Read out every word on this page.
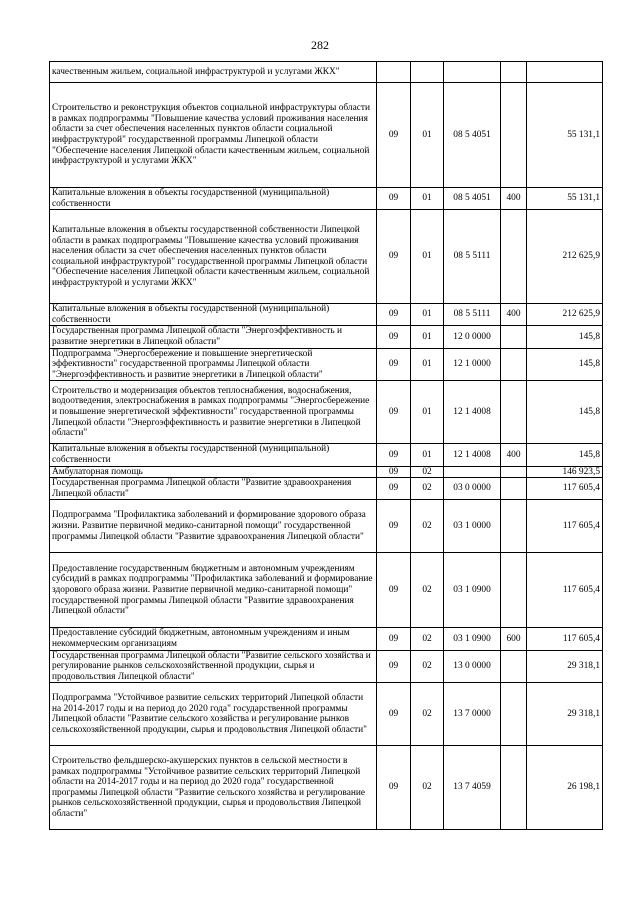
282
качественным жильем, социальной инфраструктурой и услугами ЖКХ"					
Строительство и реконструкция объектов социальной инфраструктуры области в рамках подпрограммы "Повышение качества условий проживания населения области за счет обеспечения населенных пунктов области социальной инфраструктурой" государственной программы Липецкой области "Обеспечение населения Липецкой области качественным жильем, социальной инфраструктурой и услугами ЖКХ"	09	01	08 5 4051		55 131,1
Капитальные вложения в объекты государственной (муниципальной) собственности	09	01	08 5 4051	400	55 131,1
Капитальные вложения в объекты государственной собственности Липецкой области в рамках подпрограммы "Повышение качества условий проживания населения области за счет обеспечения населенных пунктов области социальной инфраструктурой" государственной программы Липецкой области "Обеспечение населения Липецкой области качественным жильем, социальной инфраструктурой и услугами ЖКХ"	09	01	08 5 5111		212 625,9
Капитальные вложения в объекты государственной (муниципальной) собственности	09	01	08 5 5111	400	212 625,9
Государственная программа Липецкой области "Энергоэффективность и развитие энергетики в Липецкой области"	09	01	12 0 0000		145,8
Подпрограмма "Энергосбережение и повышение энергетической эффективности" государственной программы Липецкой области "Энергоэффективность и развитие энергетики в Липецкой области"	09	01	12 1 0000		145,8
Строительство и модернизация объектов теплоснабжения, водоснабжения, водоотведения, электроснабжения в рамках подпрограммы "Энергосбережение и повышение энергетической эффективности" государственной программы Липецкой области "Энергоэффективность и развитие энергетики в Липецкой области"	09	01	12 1 4008		145,8
Капитальные вложения в объекты государственной (муниципальной) собственности	09	01	12 1 4008	400	145,8
Амбулаторная помощь	09	02			146 923,5
Государственная программа Липецкой области "Развитие здравоохранения Липецкой области"	09	02	03 0 0000		117 605,4
Подпрограмма "Профилактика заболеваний и формирование здорового образа жизни. Развитие первичной медико-санитарной помощи" государственной программы Липецкой области "Развитие здравоохранения Липецкой области"	09	02	03 1 0000		117 605,4
Предоставление государственным бюджетным и автономным учреждениям субсидий в рамках подпрограммы "Профилактика заболеваний и формирование здорового образа жизни. Развитие первичной медико-санитарной помощи" государственной программы Липецкой области "Развитие здравоохранения Липецкой области"	09	02	03 1 0900		117 605,4
Предоставление субсидий бюджетным, автономным учреждениям и иным некоммерческим организациям	09	02	03 1 0900	600	117 605,4
Государственная программа Липецкой области "Развитие сельского хозяйства и регулирование рынков сельскохозяйственной продукции, сырья и продовольствия Липецкой области"	09	02	13 0 0000		29 318,1
Подпрограмма "Устойчивое развитие сельских территорий Липецкой области на 2014-2017 годы и на период до 2020 года" государственной программы Липецкой области "Развитие сельского хозяйства и регулирование рынков сельскохозяйственной продукции, сырья и продовольствия Липецкой области"	09	02	13 7 0000		29 318,1
Строительство фельдшерско-акушерских пунктов в сельской местности в рамках подпрограммы "Устойчивое развитие сельских территорий Липецкой области на 2014-2017 годы и на период до 2020 года" государственной программы Липецкой области "Развитие сельского хозяйства и регулирование рынков сельскохозяйственной продукции, сырья и продовольствия Липецкой области"	09	02	13 7 4059		26 198,1
